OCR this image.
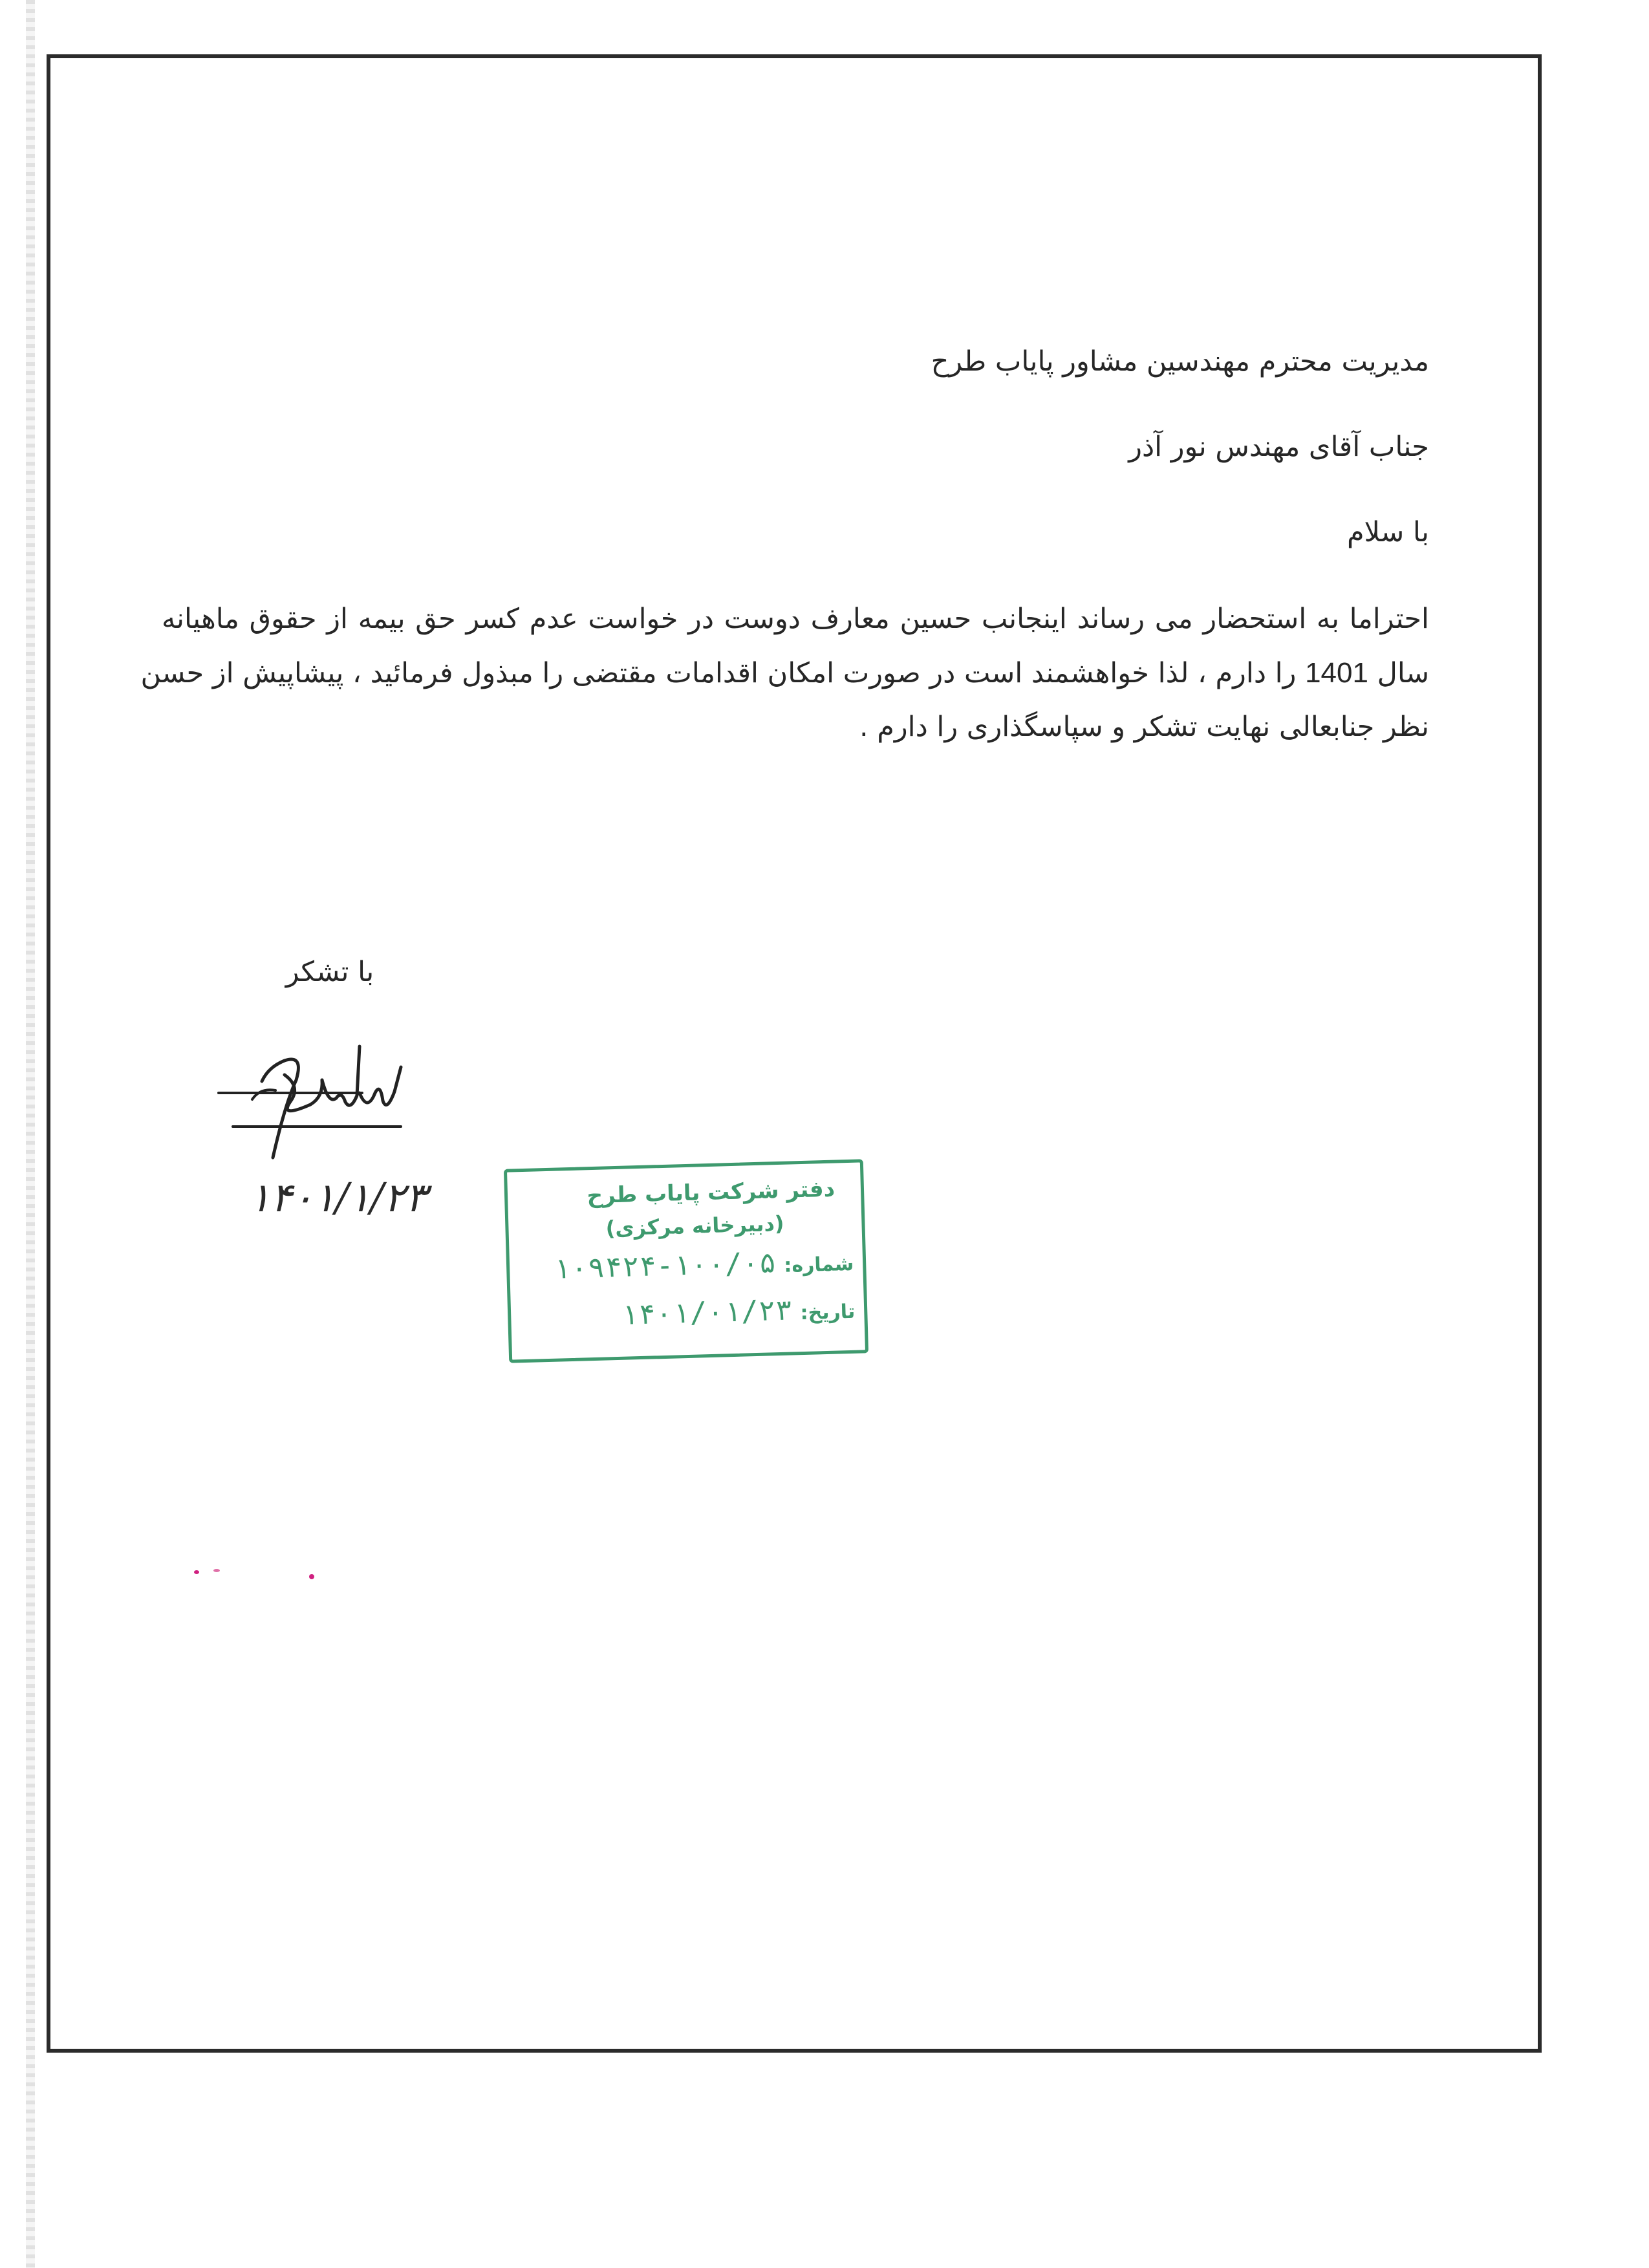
مدیریت محترم مهندسین مشاور پایاب طرح
جناب آقای مهندس نور آذر
با سلام
احتراما به استحضار می رساند اینجانب حسین معارف دوست در خواست عدم کسر حق بیمه از حقوق ماهیانه
سال 1401 را دارم ، لذا خواهشمند است در صورت امکان اقدامات مقتضی را مبذول فرمائید ، پیشاپیش از حسن
نظر جنابعالی نهایت تشکر و سپاسگذاری را دارم .
با تشکر
۱۴۰۱/۱/۲۳	دفتر شرکت پایاب طرح
(دبیرخانه مرکزی)
شماره:۱۰۰/۰۵-۱۰۹۴۲۴
تاریخ:۱۴۰۱/۰۱/۲۳
